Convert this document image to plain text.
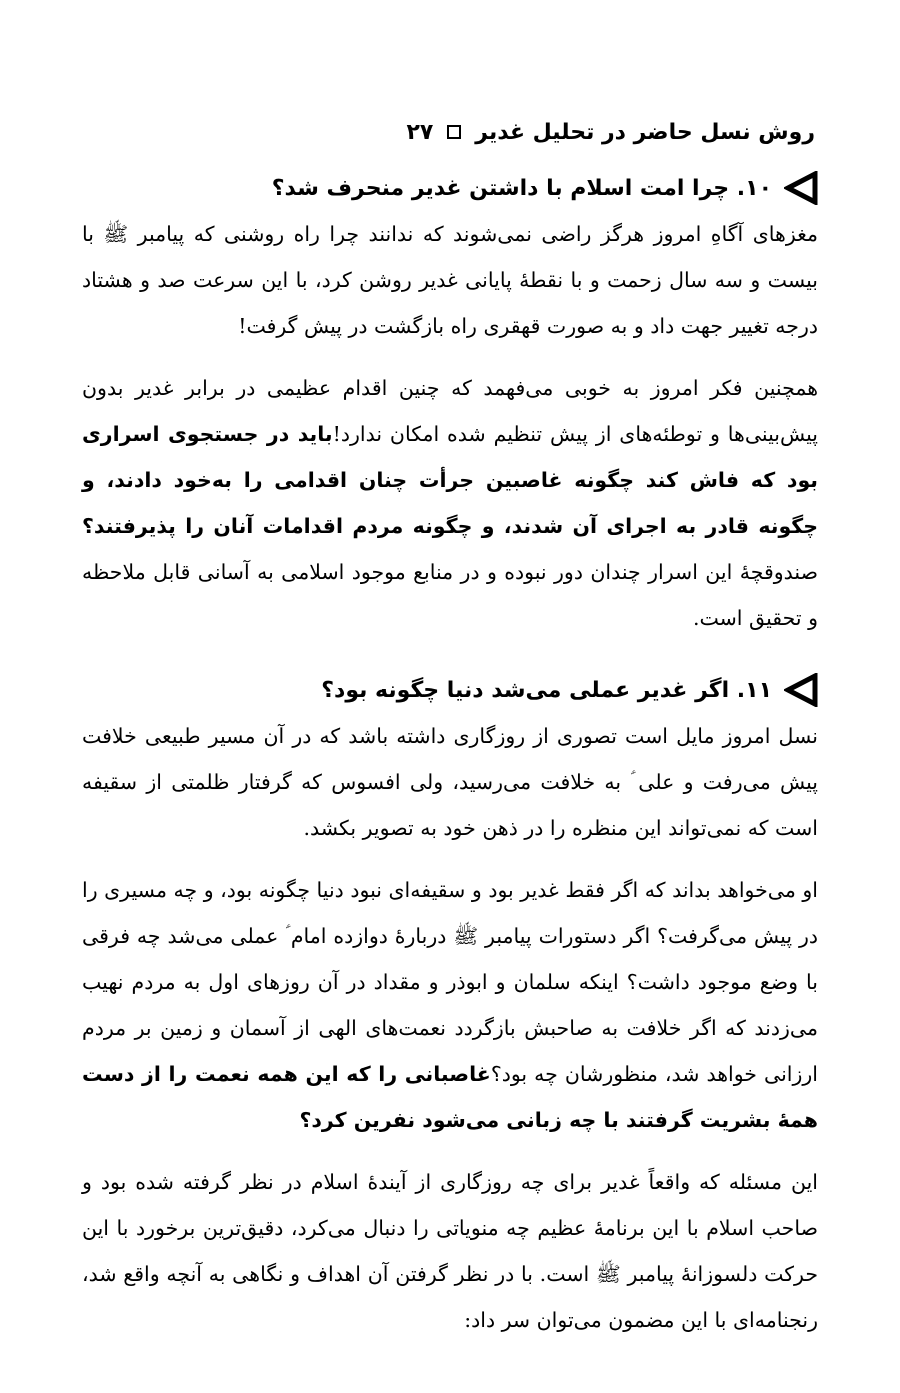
روش نسل حاضر در تحلیل غدیر
۲۷
۱۰. چرا امت اسلام با داشتن غدیر منحرف شد؟

مغزهای آگاهِ امروز هرگز راضی نمی‌شوند که ندانند چرا راه روشنی که پیامبر ﷺ با بیست و سه سال زحمت و با نقطهٔ پایانی غدیر روشن کرد، با این سرعت صد و هشتاد درجه تغییر جهت داد و به صورت قهقری راه بازگشت در پیش گرفت!

همچنین فکر امروز به خوبی می‌فهمد که چنین اقدام عظیمی در برابر غدیر بدون پیش‌بینی‌ها و توطئه‌های از پیش تنظیم شده امکان ندارد!باید در جستجوی اسراری بود که فاش کند چگونه غاصبین جرأت چنان اقدامی را به‌خود دادند، و چگونه قادر به اجرای آن شدند، و چگونه مردم اقدامات آنان را پذیرفتند؟ صندوقچهٔ این اسرار چندان دور نبوده و در منابع موجود اسلامی به آسانی قابل ملاحظه و تحقیق است.

۱۱. اگر غدیر عملی می‌شد دنیا چگونه بود؟

نسل امروز مایل است تصوری از روزگاری داشته باشد که در آن مسیر طبیعی خلافت پیش می‌رفت و علی ؑ به خلافت می‌رسید، ولی افسوس که گرفتار ظلمتی از سقیفه است که نمی‌تواند این منظره را در ذهن خود به تصویر بکشد.

او می‌خواهد بداند که اگر فقط غدیر بود و سقیفه‌ای نبود دنیا چگونه بود، و چه مسیری را در پیش می‌گرفت؟ اگر دستورات پیامبر ﷺ دربارهٔ دوازده امام ؑ عملی می‌شد چه فرقی با وضع موجود داشت؟ اینکه سلمان و ابوذر و مقداد در آن روزهای اول به مردم نهیب می‌زدند که اگر خلافت به صاحبش بازگردد نعمت‌های الهی از آسمان و زمین بر مردم ارزانی خواهد شد، منظورشان چه بود؟غاصبانی را که این همه نعمت را از دست همهٔ بشریت گرفتند با چه زبانی می‌شود نفرین کرد؟

این مسئله که واقعاً غدیر برای چه روزگاری از آیندهٔ اسلام در نظر گرفته شده بود و صاحب اسلام با این برنامهٔ عظیم چه منویاتی را دنبال می‌کرد، دقیق‌ترین برخورد با این حرکت دلسوزانهٔ پیامبر ﷺ است. با در نظر گرفتن آن اهداف و نگاهی به آنچه واقع شد، رنجنامه‌ای با این مضمون می‌توان سر داد:
